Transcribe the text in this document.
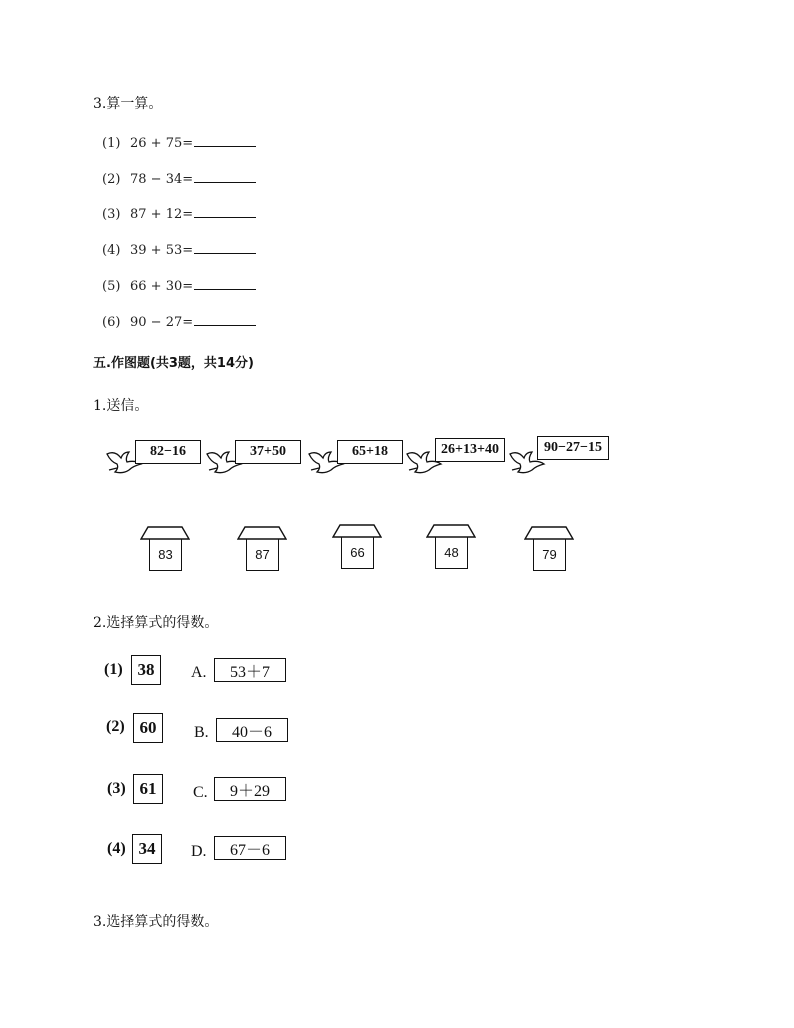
3.算一算。
(1) 26 + 75=
(2) 78 − 34=
(3) 87 + 12=
(4) 39 + 53=
(5) 66 + 30=
(6) 90 − 27=
五.作图题(共3题，共14分)
1.送信。
82−16	37+50	65+18	26+13+40	90−27−15
83	87	66	48	79
2.选择算式的得数。
(1) 38	A.	53＋7
(2) 60	B.	40－6
(3) 61	C.	9＋29
(4) 34	D.	67－6
3.选择算式的得数。
